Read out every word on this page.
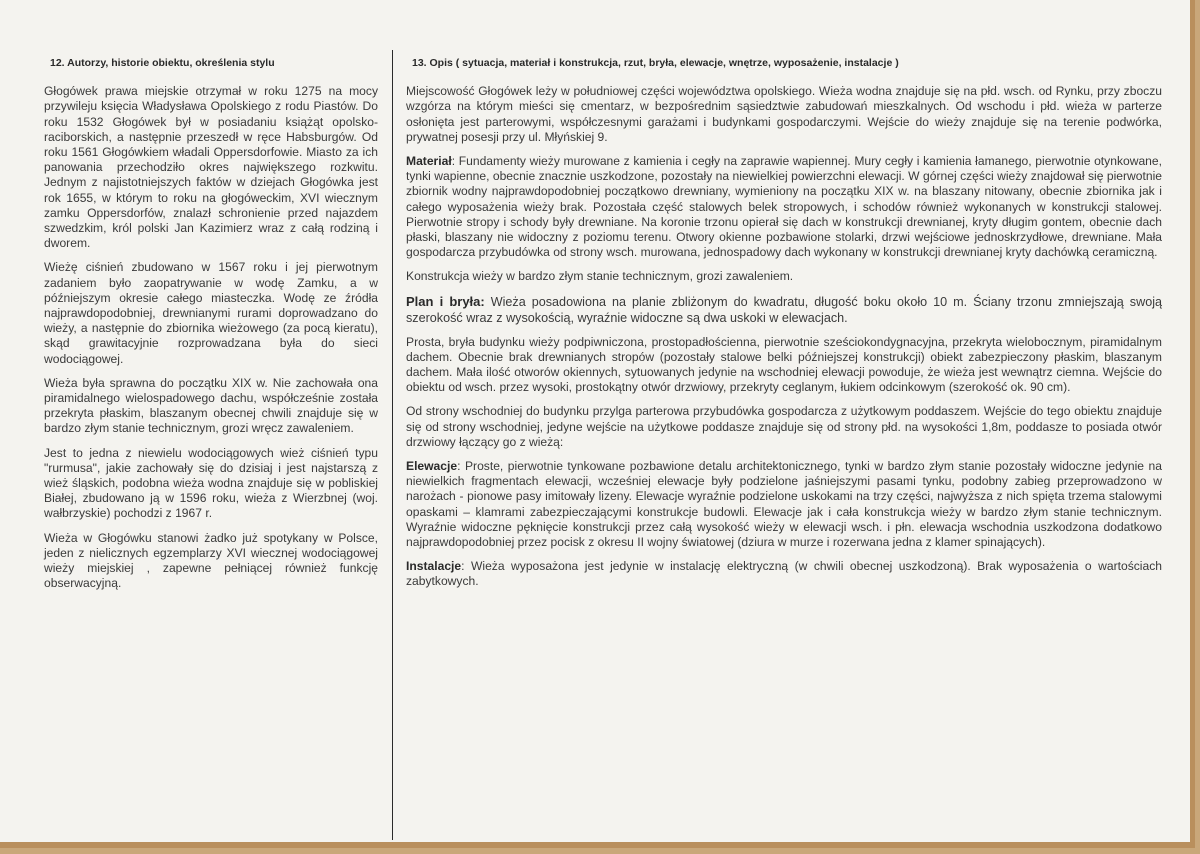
12. Autorzy, historie obiektu, określenia stylu

Głogówek prawa miejskie otrzymał w roku 1275 na mocy przywileju księcia Władysława Opolskiego z rodu Piastów. Do roku 1532 Głogówek był w posiadaniu książąt opolsko-raciborskich, a następnie przeszedł w ręce Habsburgów. Od roku 1561 Głogówkiem władali Oppersdorfowie. Miasto za ich panowania przechodziło okres największego rozkwitu. Jednym z najistotniejszych faktów w dziejach Głogówka jest rok 1655, w którym to roku na głogóweckim, XVI wiecznym zamku Oppersdorfów, znalazł schronienie przed najazdem szwedzkim, król polski Jan Kazimierz wraz z całą rodziną i dworem.

Wieżę ciśnień zbudowano w 1567 roku i jej pierwotnym zadaniem było zaopatrywanie w wodę Zamku, a w późniejszym okresie całego miasteczka. Wodę ze źródła najprawdopodobniej, drewnianymi rurami doprowadzano do wieży, a następnie do zbiornika wieżowego (za pocą kieratu), skąd grawitacyjnie rozprowadzana była do sieci wodociągowej.

Wieża była sprawna do początku XIX w. Nie zachowała ona piramidalnego wielospadowego dachu, współcześnie została przekryta płaskim, blaszanym obecnej chwili znajduje się w bardzo złym stanie technicznym, grozi wręcz zawaleniem.

Jest to jedna z niewielu wodociągowych wież ciśnień typu "rurmusa", jakie zachowały się do dzisiaj i jest najstarszą z wież śląskich, podobna wieża wodna znajduje się w pobliskiej Białej, zbudowano ją w 1596 roku, wieża z Wierzbnej (woj. wałbrzyskie) pochodzi z 1967 r.

Wieża w Głogówku stanowi żadko już spotykany w Polsce, jeden z nielicznych egzemplarzy XVI wiecznej wodociągowej wieży miejskiej , zapewne pełniącej również funkcję obserwacyjną.

13. Opis ( sytuacja, materiał i konstrukcja, rzut, bryła, elewacje, wnętrze, wyposażenie, instalacje )

Miejscowość Głogówek leży w południowej części województwa opolskiego. Wieża wodna znajduje się na płd. wsch. od Rynku, przy zboczu wzgórza na którym mieści się cmentarz, w bezpośrednim sąsiedztwie zabudowań mieszkalnych. Od wschodu i płd. wieża w parterze osłonięta jest parterowymi, współczesnymi garażami i budynkami gospodarczymi. Wejście do wieży znajduje się na terenie podwórka, prywatnej posesji przy ul. Młyńskiej 9.

Materiał: Fundamenty wieży murowane z kamienia i cegły na zaprawie wapiennej. Mury cegły i kamienia łamanego, pierwotnie otynkowane, tynki wapienne, obecnie znacznie uszkodzone, pozostały na niewielkiej powierzchni elewacji. W górnej części wieży znajdował się pierwotnie zbiornik wodny najprawdopodobniej początkowo drewniany, wymieniony na początku XIX w. na blaszany nitowany, obecnie zbiornika jak i całego wyposażenia wieży brak. Pozostała część stalowych belek stropowych, i schodów również wykonanych w konstrukcji stalowej. Pierwotnie stropy i schody były drewniane. Na koronie trzonu opierał się dach w konstrukcji drewnianej, kryty długim gontem, obecnie dach płaski, blaszany nie widoczny z poziomu terenu. Otwory okienne pozbawione stolarki, drzwi wejściowe jednoskrzydłowe, drewniane. Mała gospodarcza przybudówka od strony wsch. murowana, jednospadowy dach wykonany w konstrukcji drewnianej kryty dachówką ceramiczną.

Konstrukcja wieży w bardzo złym stanie technicznym, grozi zawaleniem.

Plan i bryła: Wieża posadowiona na planie zbliżonym do kwadratu, długość boku około 10 m. Ściany trzonu zmniejszają swoją szerokość wraz z wysokością, wyraźnie widoczne są dwa uskoki w elewacjach.

Prosta, bryła budynku wieży podpiwniczona, prostopadłościenna, pierwotnie sześciokondygnacyjna, przekryta wielobocznym, piramidalnym dachem. Obecnie brak drewnianych stropów (pozostały stalowe belki późniejszej konstrukcji) obiekt zabezpieczony płaskim, blaszanym dachem. Mała ilość otworów okiennych, sytuowanych jedynie na wschodniej elewacji powoduje, że wieża jest wewnątrz ciemna. Wejście do obiektu od wsch. przez wysoki, prostokątny otwór drzwiowy, przekryty ceglanym, łukiem odcinkowym (szerokość ok. 90 cm).

Od strony wschodniej do budynku przylga parterowa przybudówka gospodarcza z użytkowym poddaszem. Wejście do tego obiektu znajduje się od strony wschodniej, jedyne wejście na użytkowe poddasze znajduje się od strony płd. na wysokości 1,8m, poddasze to posiada otwór drzwiowy łączący go z wieżą:

Elewacje: Proste, pierwotnie tynkowane pozbawione detalu architektonicznego, tynki w bardzo złym stanie pozostały widoczne jedynie na niewielkich fragmentach elewacji, wcześniej elewacje były podzielone jaśniejszymi pasami tynku, podobny zabieg przeprowadzono w narożach - pionowe pasy imitowały lizeny. Elewacje wyraźnie podzielone uskokami na trzy części, najwyższa z nich spięta trzema stalowymi opaskami – klamrami zabezpieczającymi konstrukcje budowli. Elewacje jak i cała konstrukcja wieży w bardzo złym stanie technicznym. Wyraźnie widoczne pęknięcie konstrukcji przez całą wysokość wieży w elewacji wsch. i płn. elewacja wschodnia uszkodzona dodatkowo najprawdopodobniej przez pocisk z okresu II wojny światowej (dziura w murze i rozerwana jedna z klamer spinających).

Instalacje: Wieża wyposażona jest jedynie w instalację elektryczną (w chwili obecnej uszkodzoną). Brak wyposażenia o wartościach zabytkowych.
